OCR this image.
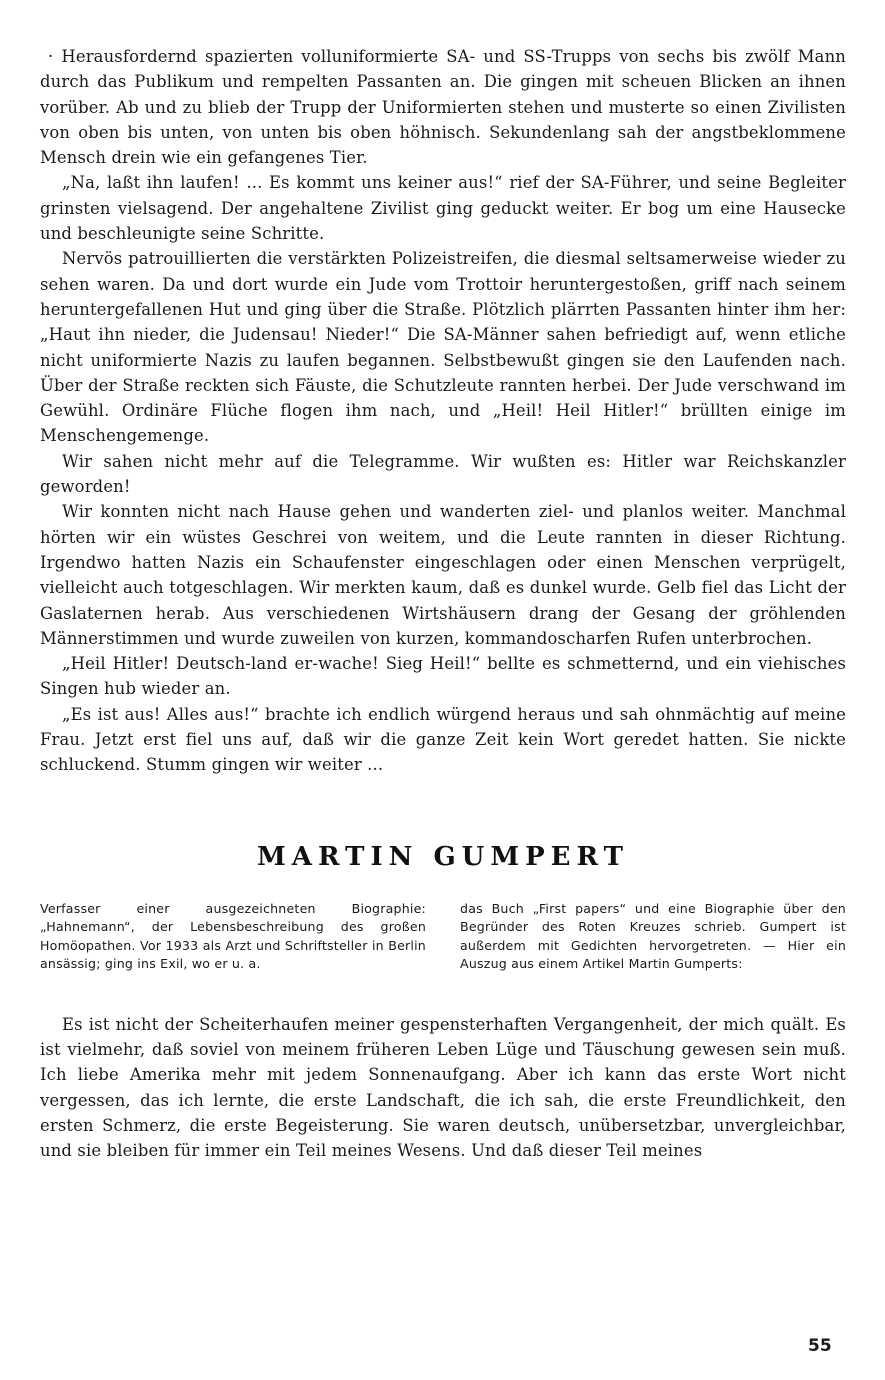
· Herausfordernd spazierten volluniformierte SA- und SS-Trupps von sechs bis zwölf Mann durch das Publikum und rempelten Passanten an. Die gingen mit scheuen Blicken an ihnen vorüber. Ab und zu blieb der Trupp der Uniformierten stehen und musterte so einen Zivilisten von oben bis unten, von unten bis oben höhnisch. Sekundenlang sah der angstbeklommene Mensch drein wie ein gefangenes Tier.

„Na, laßt ihn laufen! ... Es kommt uns keiner aus!“ rief der SA-Führer, und seine Begleiter grinsten vielsagend. Der angehaltene Zivilist ging geduckt weiter. Er bog um eine Hausecke und beschleunigte seine Schritte.

Nervös patrouillierten die verstärkten Polizeistreifen, die diesmal seltsamerweise wieder zu sehen waren. Da und dort wurde ein Jude vom Trottoir heruntergestoßen, griff nach seinem heruntergefallenen Hut und ging über die Straße. Plötzlich plärrten Passanten hinter ihm her: „Haut ihn nieder, die Judensau! Nieder!“ Die SA-Männer sahen befriedigt auf, wenn etliche nicht uniformierte Nazis zu laufen begannen. Selbstbewußt gingen sie den Laufenden nach. Über der Straße reckten sich Fäuste, die Schutzleute rannten herbei. Der Jude verschwand im Gewühl. Ordinäre Flüche flogen ihm nach, und „Heil! Heil Hitler!“ brüllten einige im Menschengemenge.

Wir sahen nicht mehr auf die Telegramme. Wir wußten es: Hitler war Reichskanzler geworden!

Wir konnten nicht nach Hause gehen und wanderten ziel- und planlos weiter. Manchmal hörten wir ein wüstes Geschrei von weitem, und die Leute rannten in dieser Richtung. Irgendwo hatten Nazis ein Schaufenster eingeschlagen oder einen Menschen verprügelt, vielleicht auch totgeschlagen. Wir merkten kaum, daß es dunkel wurde. Gelb fiel das Licht der Gaslaternen herab. Aus verschiedenen Wirtshäusern drang der Gesang der gröhlenden Männerstimmen und wurde zuweilen von kurzen, kommandoscharfen Rufen unterbrochen.

„Heil Hitler! Deutsch-land er-wache! Sieg Heil!“ bellte es schmetternd, und ein viehisches Singen hub wieder an.

„Es ist aus! Alles aus!“ brachte ich endlich würgend heraus und sah ohnmächtig auf meine Frau. Jetzt erst fiel uns auf, daß wir die ganze Zeit kein Wort geredet hatten. Sie nickte schluckend. Stumm gingen wir weiter ...

MARTIN GUMPERT

Verfasser einer ausgezeichneten Biographie: „Hahnemann“, der Lebensbeschreibung des großen Homöopathen. Vor 1933 als Arzt und Schriftsteller in Berlin ansässig; ging ins Exil, wo er u. a.

das Buch „First papers“ und eine Biographie über den Begründer des Roten Kreuzes schrieb. Gumpert ist außerdem mit Gedichten hervorgetreten. — Hier ein Auszug aus einem Artikel Martin Gumperts:

Es ist nicht der Scheiterhaufen meiner gespensterhaften Vergangenheit, der mich quält. Es ist vielmehr, daß soviel von meinem früheren Leben Lüge und Täuschung gewesen sein muß. Ich liebe Amerika mehr mit jedem Sonnenaufgang. Aber ich kann das erste Wort nicht vergessen, das ich lernte, die erste Landschaft, die ich sah, die erste Freundlichkeit, den ersten Schmerz, die erste Begeisterung. Sie waren deutsch, unübersetzbar, unvergleichbar, und sie bleiben für immer ein Teil meines Wesens. Und daß dieser Teil meines

55
